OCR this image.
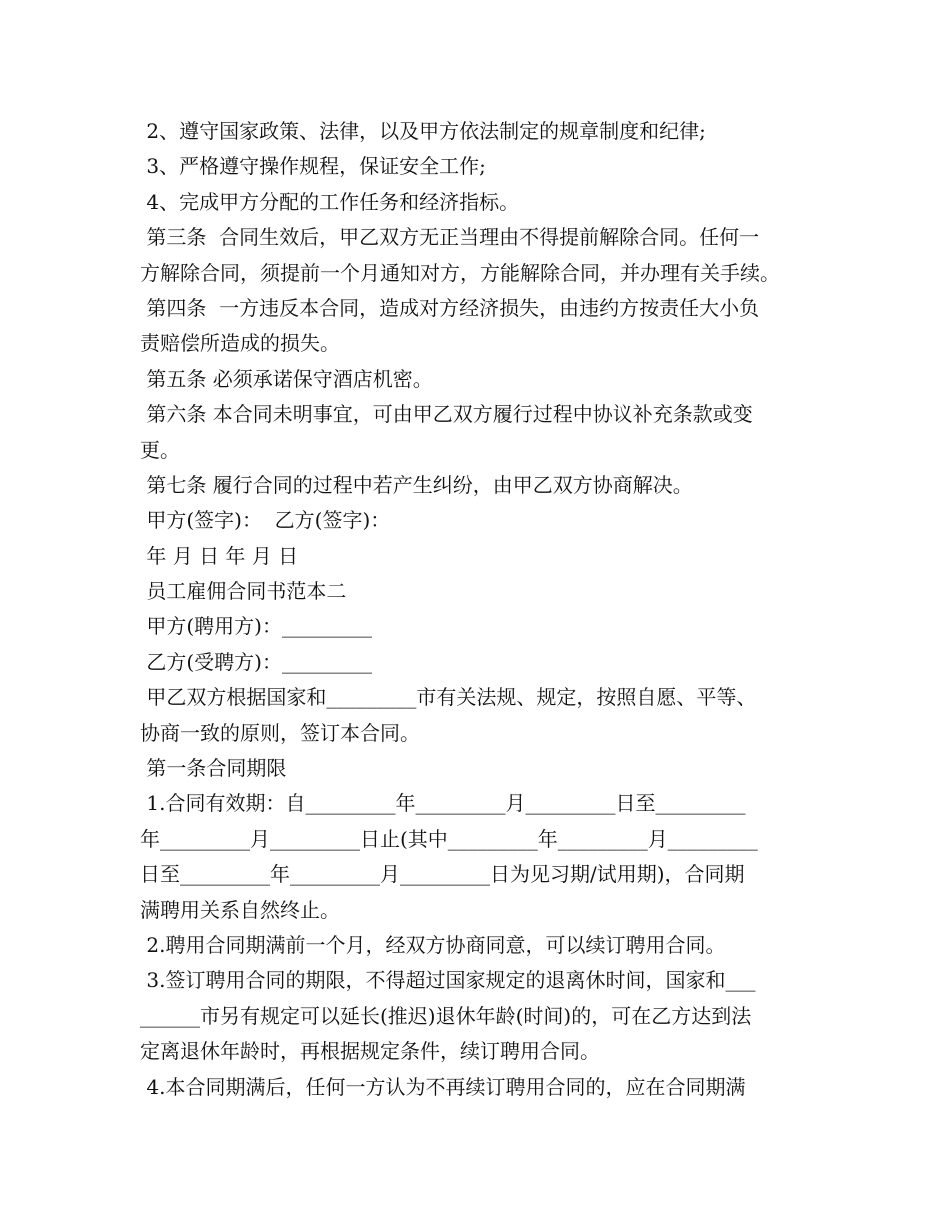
2、遵守国家政策、法律，以及甲方依法制定的规章制度和纪律;
3、严格遵守操作规程，保证安全工作;
4、完成甲方分配的工作任务和经济指标。
第三条  合同生效后，甲乙双方无正当理由不得提前解除合同。任何一
方解除合同，须提前一个月通知对方，方能解除合同，并办理有关手续。
第四条  一方违反本合同，造成对方经济损失，由违约方按责任大小负
责赔偿所造成的损失。
第五条 必须承诺保守酒店机密。
第六条 本合同未明事宜，可由甲乙双方履行过程中协议补充条款或变
更。
第七条 履行合同的过程中若产生纠纷，由甲乙双方协商解决。
甲方(签字)：  乙方(签字)：
年 月 日 年 月 日
员工雇佣合同书范本二
甲方(聘用方)：_________
乙方(受聘方)：_________
甲乙双方根据国家和_________市有关法规、规定，按照自愿、平等、
协商一致的原则，签订本合同。
第一条合同期限
1.合同有效期：自_________年_________月_________日至_________
年_________月_________日止(其中_________年_________月_________
日至_________年_________月_________日为见习期/试用期)，合同期
满聘用关系自然终止。
2.聘用合同期满前一个月，经双方协商同意，可以续订聘用合同。
3.签订聘用合同的期限，不得超过国家规定的退离休时间，国家和___
______市另有规定可以延长(推迟)退休年龄(时间)的，可在乙方达到法
定离退休年龄时，再根据规定条件，续订聘用合同。
4.本合同期满后，任何一方认为不再续订聘用合同的，应在合同期满
